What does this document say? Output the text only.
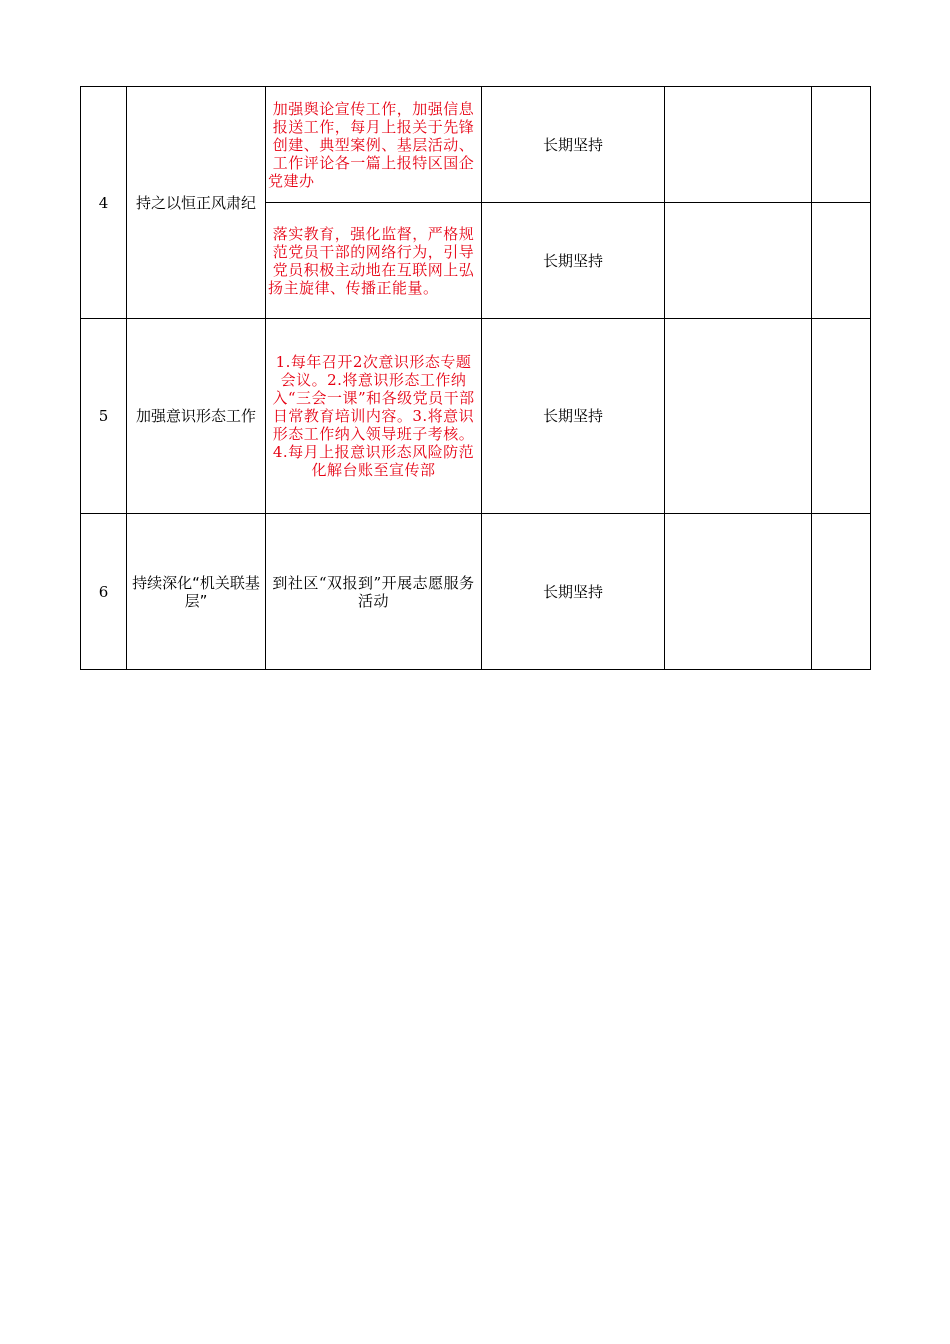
4	持之以恒正风肃纪	加强舆论宣传工作，加强信息报送工作，每月上报关于先锋创建、典型案例、基层活动、工作评论各一篇上报特区国企党建办	长期坚持		
		落实教育，强化监督，严格规范党员干部的网络行为，引导党员积极主动地在互联网上弘扬主旋律、传播正能量。	长期坚持		
5	加强意识形态工作	1.每年召开2次意识形态专题会议。2.将意识形态工作纳入“三会一课”和各级党员干部日常教育培训内容。3.将意识形态工作纳入领导班子考核。4.每月上报意识形态风险防范化解台账至宣传部	长期坚持		
6	持续深化“机关联基层”	到社区“双报到”开展志愿服务活动	长期坚持		
